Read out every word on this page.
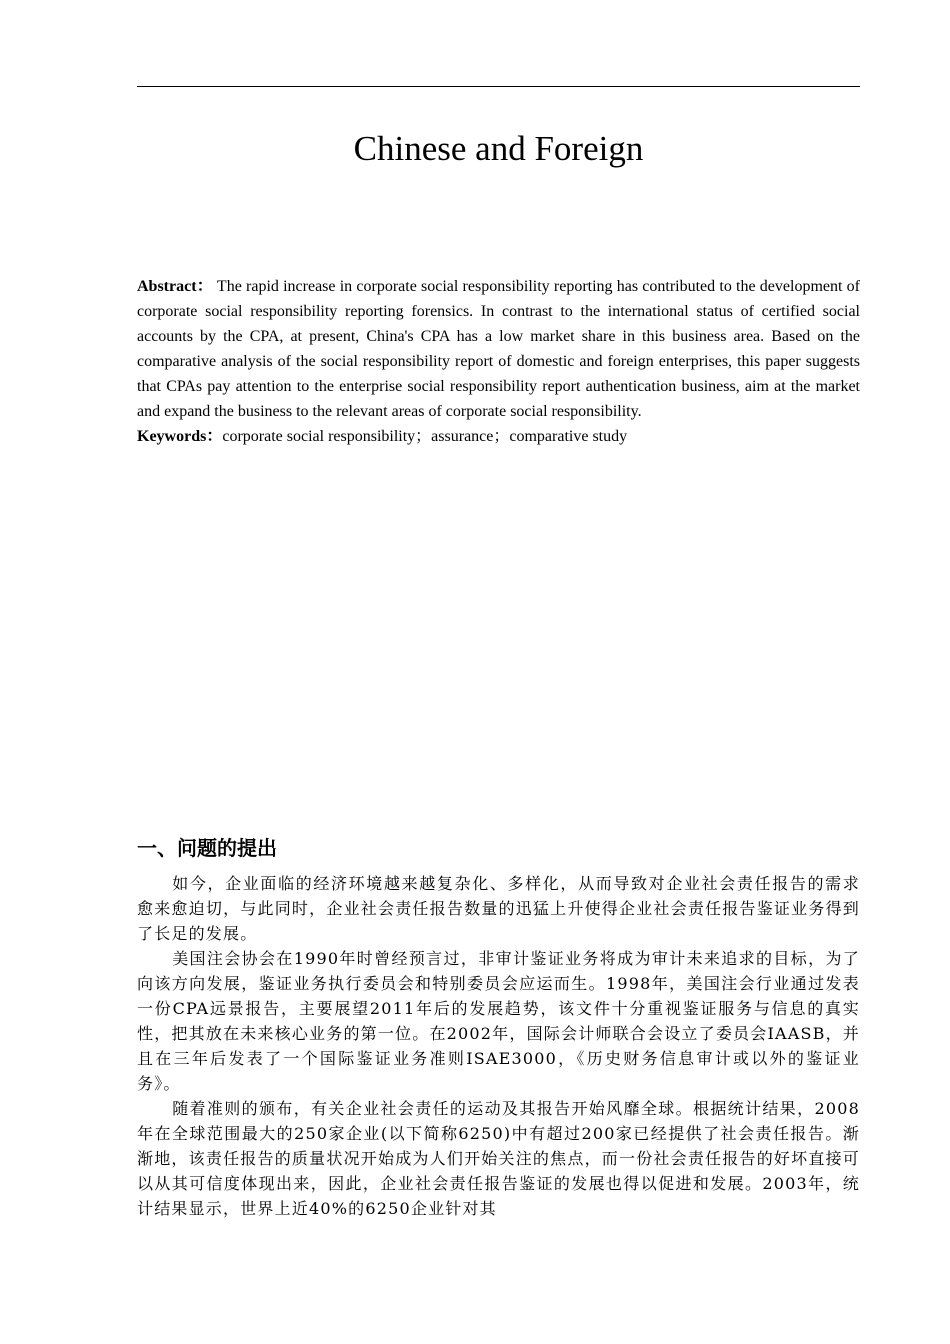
Chinese and Foreign

Abstract： The rapid increase in corporate social responsibility reporting has contributed to the development of corporate social responsibility reporting forensics. In contrast to the international status of certified social accounts by the CPA, at present, China's CPA has a low market share in this business area. Based on the comparative analysis of the social responsibility report of domestic and foreign enterprises, this paper suggests that CPAs pay attention to the enterprise social responsibility report authentication business, aim at the market and expand the business to the relevant areas of corporate social responsibility.

Keywords：corporate social responsibility；assurance；comparative study

一、问题的提出

如今，企业面临的经济环境越来越复杂化、多样化，从而导致对企业社会责任报告的需求愈来愈迫切，与此同时，企业社会责任报告数量的迅猛上升使得企业社会责任报告鉴证业务得到了长足的发展。

美国注会协会在1990年时曾经预言过，非审计鉴证业务将成为审计未来追求的目标，为了向该方向发展，鉴证业务执行委员会和特别委员会应运而生。1998年，美国注会行业通过发表一份CPA远景报告，主要展望2011年后的发展趋势，该文件十分重视鉴证服务与信息的真实性，把其放在未来核心业务的第一位。在2002年，国际会计师联合会设立了委员会IAASB，并且在三年后发表了一个国际鉴证业务准则ISAE3000，《历史财务信息审计或以外的鉴证业务》。

随着准则的颁布，有关企业社会责任的运动及其报告开始风靡全球。根据统计结果，2008年在全球范围最大的250家企业(以下简称6250)中有超过200家已经提供了社会责任报告。渐渐地，该责任报告的质量状况开始成为人们开始关注的焦点，而一份社会责任报告的好坏直接可以从其可信度体现出来，因此，企业社会责任报告鉴证的发展也得以促进和发展。2003年，统计结果显示，世界上近40%的6250企业针对其
